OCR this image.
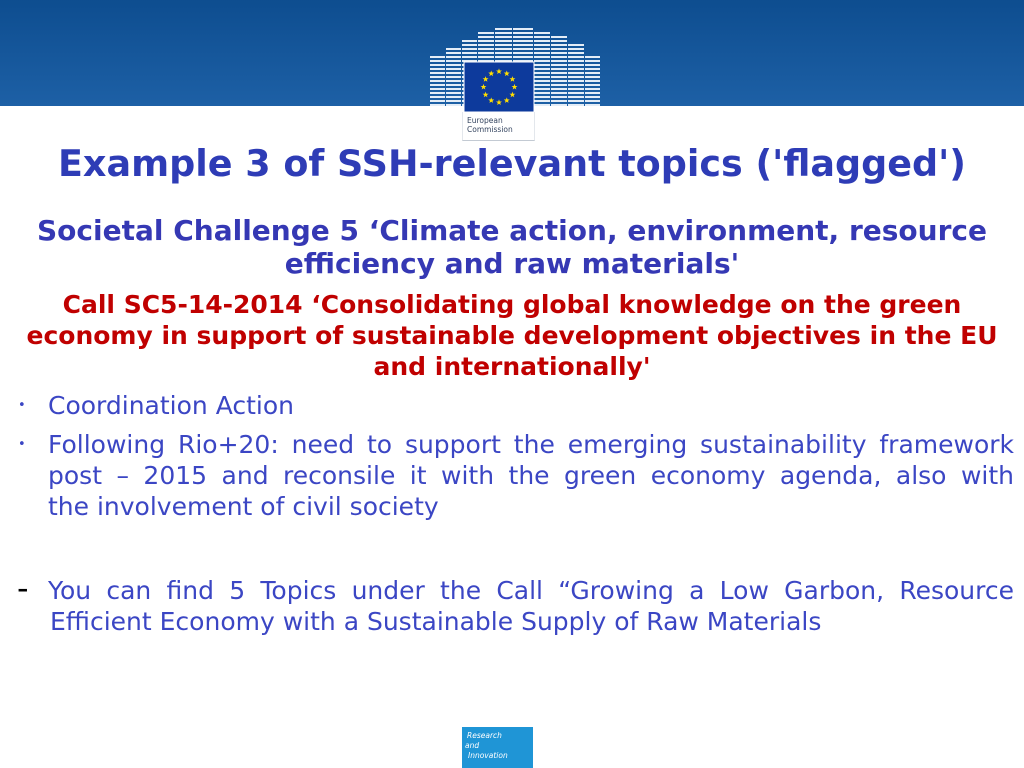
European
Commission
Example 3 of SSH-relevant topics ('flagged')
Societal Challenge 5 ‘Climate action, environment, resource
efficiency and raw materials'
Call SC5-14-2014 ‘Consolidating global knowledge on the green
economy in support of sustainable development objectives in the EU
and internationally'
• Coordination Action
• Following Rio+20: need to support the emerging sustainability framework
post – 2015 and reconsile it with the green economy agenda, also with
the involvement of civil society
- You can find 5 Topics under the Call “Growing a Low Garbon, Resource
Efficient Economy with a Sustainable Supply of Raw Materials
Research
and
Innovation
